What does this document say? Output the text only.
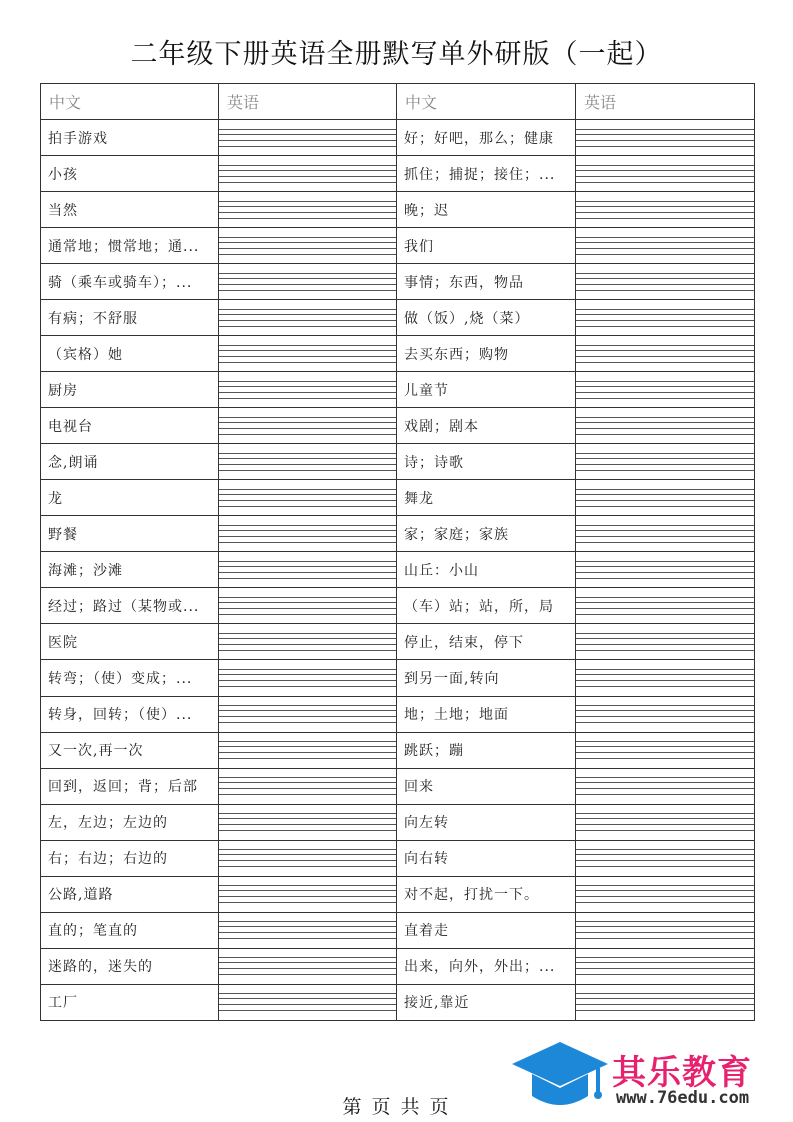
二年级下册英语全册默写单外研版（一起）
中文	英语	中文	英语
拍手游戏		好；好吧，那么；健康	

小孩		抓住；捕捉；接住；...	

当然		晚；迟	

通常地；惯常地；通...		我们	

骑（乘车或骑车）；...		事情；东西，物品	

有病；不舒服		做（饭）,烧（菜）	

（宾格）她		去买东西；购物	

厨房		儿童节	

电视台		戏剧；剧本	

念,朗诵		诗；诗歌	

龙		舞龙	

野餐		家；家庭；家族	

海滩；沙滩		山丘：小山	

经过；路过（某物或...		（车）站；站，所，局	

医院		停止，结束，停下	

转弯；（使）变成；...		到另一面,转向	

转身，回转；（使）...		地；土地；地面	

又一次,再一次		跳跃；蹦	

回到，返回；背；后部		回来	

左，左边；左边的		向左转	

右；右边；右边的		向右转	

公路,道路		对不起，打扰一下。	

直的；笔直的		直着走	

迷路的，迷失的		出来，向外，外出；...	

工厂		接近,靠近	
第 页 共 页
其乐教育
www.76edu.com
